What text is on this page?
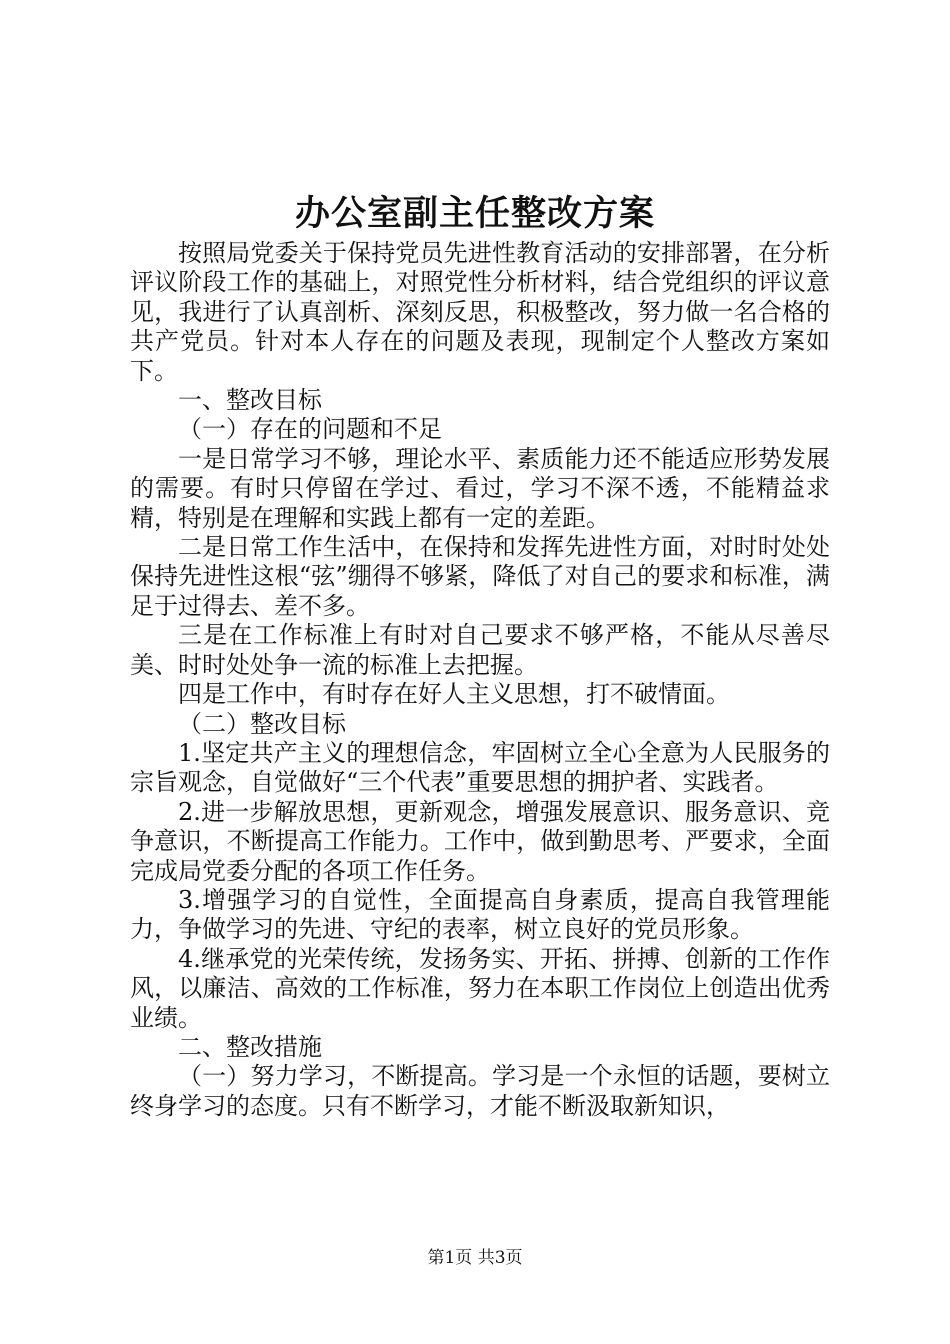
办公室副主任整改方案

按照局党委关于保持党员先进性教育活动的安排部署，在分析评议阶段工作的基础上，对照党性分析材料，结合党组织的评议意见，我进行了认真剖析、深刻反思，积极整改，努力做一名合格的共产党员。针对本人存在的问题及表现，现制定个人整改方案如下。

一、整改目标

（一）存在的问题和不足

一是日常学习不够，理论水平、素质能力还不能适应形势发展的需要。有时只停留在学过、看过，学习不深不透，不能精益求精，特别是在理解和实践上都有一定的差距。

二是日常工作生活中，在保持和发挥先进性方面，对时时处处保持先进性这根“弦”绷得不够紧，降低了对自己的要求和标准，满足于过得去、差不多。

三是在工作标准上有时对自己要求不够严格，不能从尽善尽美、时时处处争一流的标准上去把握。

四是工作中，有时存在好人主义思想，打不破情面。

（二）整改目标

1.坚定共产主义的理想信念，牢固树立全心全意为人民服务的宗旨观念，自觉做好“三个代表”重要思想的拥护者、实践者。

2.进一步解放思想，更新观念，增强发展意识、服务意识、竞争意识，不断提高工作能力。工作中，做到勤思考、严要求，全面完成局党委分配的各项工作任务。

3.增强学习的自觉性，全面提高自身素质，提高自我管理能力，争做学习的先进、守纪的表率，树立良好的党员形象。

4.继承党的光荣传统，发扬务实、开拓、拼搏、创新的工作作风，以廉洁、高效的工作标准，努力在本职工作岗位上创造出优秀业绩。

二、整改措施

（一）努力学习，不断提高。学习是一个永恒的话题，要树立终身学习的态度。只有不断学习，才能不断汲取新知识，

第1页 共3页
